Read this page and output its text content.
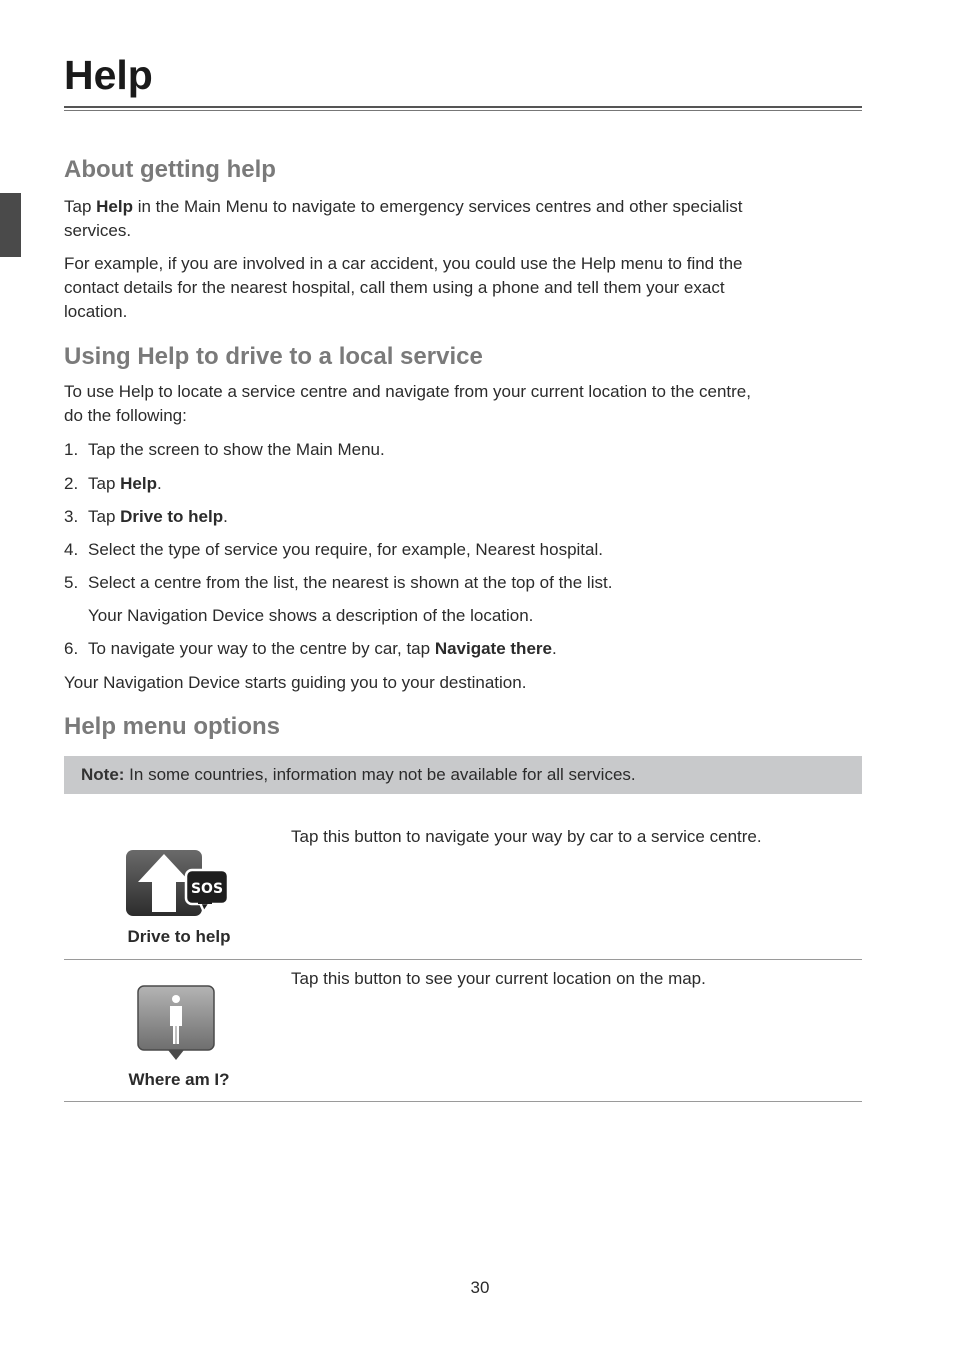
Help
About getting help
Tap Help in the Main Menu to navigate to emergency services centres and other specialist
services.
For example, if you are involved in a car accident, you could use the Help menu to find the
contact details for the nearest hospital, call them using a phone and tell them your exact
location.
Using Help to drive to a local service
To use Help to locate a service centre and navigate from your current location to the centre,
do the following:
1. Tap the screen to show the Main Menu.
2. Tap Help.
3. Tap Drive to help.
4. Select the type of service you require, for example, Nearest hospital.
5. Select a centre from the list, the nearest is shown at the top of the list.
Your Navigation Device shows a description of the location.
6. To navigate your way to the centre by car, tap Navigate there.
Your Navigation Device starts guiding you to your destination.
Help menu options
Note: In some countries, information may not be available for all services.
SOS
Drive to help
Tap this button to navigate your way by car to a service centre.
Where am I?
Tap this button to see your current location on the map.
30
